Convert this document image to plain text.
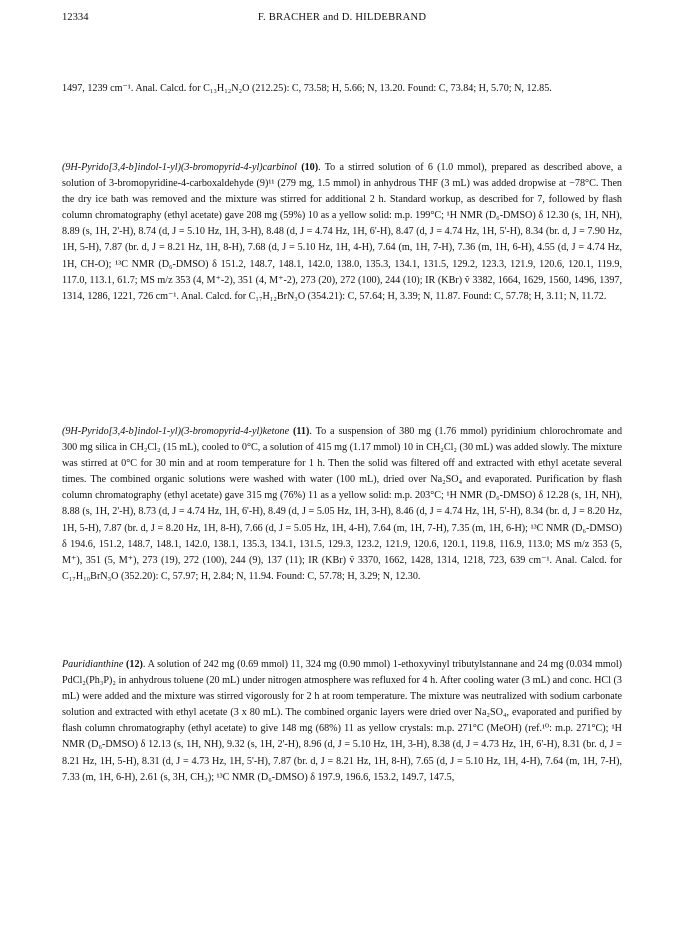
12334	F. BRACHER and D. HILDEBRAND
1497, 1239 cm⁻¹. Anal. Calcd. for C₁₃H₁₂N₂O (212.25): C, 73.58; H, 5.66; N, 13.20. Found: C, 73.84; H, 5.70; N, 12.85.
(9H-Pyrido[3,4-b]indol-1-yl)(3-bromopyrid-4-yl)carbinol (10). To a stirred solution of 6 (1.0 mmol), prepared as described above, a solution of 3-bromopyridine-4-carboxaldehyde (9)¹¹ (279 mg, 1.5 mmol) in anhydrous THF (3 mL) was added dropwise at −78°C. Then the dry ice bath was removed and the mixture was stirred for additional 2 h. Standard workup, as described for 7, followed by flash column chromatography (ethyl acetate) gave 208 mg (59%) 10 as a yellow solid: m.p. 199°C; ¹H NMR (D₆-DMSO) δ 12.30 (s, 1H, NH), 8.89 (s, 1H, 2'-H), 8.74 (d, J = 5.10 Hz, 1H, 3-H), 8.48 (d, J = 4.74 Hz, 1H, 6'-H), 8.47 (d, J = 4.74 Hz, 1H, 5'-H), 8.34 (br. d, J = 7.90 Hz, 1H, 5-H), 7.87 (br. d, J = 8.21 Hz, 1H, 8-H), 7.68 (d, J = 5.10 Hz, 1H, 4-H), 7.64 (m, 1H, 7-H), 7.36 (m, 1H, 6-H), 4.55 (d, J = 4.74 Hz, 1H, CH-O); ¹³C NMR (D₆-DMSO) δ 151.2, 148.7, 148.1, 142.0, 138.0, 135.3, 134.1, 131.5, 129.2, 123.3, 121.9, 120.6, 120.1, 119.9, 117.0, 113.1, 61.7; MS m/z 353 (4, M⁺-2), 351 (4, M⁺-2), 273 (20), 272 (100), 244 (10); IR (KBr) ṽ 3382, 1664, 1629, 1560, 1496, 1397, 1314, 1286, 1221, 726 cm⁻¹. Anal. Calcd. for C₁₇H₁₂BrN₃O (354.21): C, 57.64; H, 3.39; N, 11.87. Found: C, 57.78; H, 3.11; N, 11.72.
(9H-Pyrido[3,4-b]indol-1-yl)(3-bromopyrid-4-yl)ketone (11). To a suspension of 380 mg (1.76 mmol) pyridinium chlorochromate and 300 mg silica in CH₂Cl₂ (15 mL), cooled to 0°C, a solution of 415 mg (1.17 mmol) 10 in CH₂Cl₂ (30 mL) was added slowly. The mixture was stirred at 0°C for 30 min and at room temperature for 1 h. Then the solid was filtered off and extracted with ethyl acetate several times. The combined organic solutions were washed with water (100 mL), dried over Na₂SO₄ and evaporated. Purification by flash column chromatography (ethyl acetate) gave 315 mg (76%) 11 as a yellow solid: m.p. 203°C; ¹H NMR (D₆-DMSO) δ 12.28 (s, 1H, NH), 8.88 (s, 1H, 2'-H), 8.73 (d, J = 4.74 Hz, 1H, 6'-H), 8.49 (d, J = 5.05 Hz, 1H, 3-H), 8.46 (d, J = 4.74 Hz, 1H, 5'-H), 8.34 (br. d, J = 8.20 Hz, 1H, 5-H), 7.87 (br. d, J = 8.20 Hz, 1H, 8-H), 7.66 (d, J = 5.05 Hz, 1H, 4-H), 7.64 (m, 1H, 7-H), 7.35 (m, 1H, 6-H); ¹³C NMR (D₆-DMSO) δ 194.6, 151.2, 148.7, 148.1, 142.0, 138.1, 135.3, 134.1, 131.5, 129.3, 123.2, 121.9, 120.6, 120.1, 119.8, 116.9, 113.0; MS m/z 353 (5, M⁺), 351 (5, M⁺), 273 (19), 272 (100), 244 (9), 137 (11); IR (KBr) ṽ 3370, 1662, 1428, 1314, 1218, 723, 639 cm⁻¹. Anal. Calcd. for C₁₇H₁₀BrN₃O (352.20): C, 57.97; H, 2.84; N, 11.94. Found: C, 57.78; H, 3.29; N, 12.30.
Pauridianthine (12). A solution of 242 mg (0.69 mmol) 11, 324 mg (0.90 mmol) 1-ethoxyvinyl tributylstannane and 24 mg (0.034 mmol) PdCl₂(Ph₃P)₂ in anhydrous toluene (20 mL) under nitrogen atmosphere was refluxed for 4 h. After cooling water (3 mL) and conc. HCl (3 mL) were added and the mixture was stirred vigorously for 2 h at room temperature. The mixture was neutralized with sodium carbonate solution and extracted with ethyl acetate (3 x 80 mL). The combined organic layers were dried over Na₂SO₄, evaporated and purified by flash column chromatography (ethyl acetate) to give 148 mg (68%) 11 as yellow crystals: m.p. 271°C (MeOH) (ref.¹⁰: m.p. 271°C); ¹H NMR (D₆-DMSO) δ 12.13 (s, 1H, NH), 9.32 (s, 1H, 2'-H), 8.96 (d, J = 5.10 Hz, 1H, 3-H), 8.38 (d, J = 4.73 Hz, 1H, 6'-H), 8.31 (br. d, J = 8.21 Hz, 1H, 5-H), 8.31 (d, J = 4.73 Hz, 1H, 5'-H), 7.87 (br. d, J = 8.21 Hz, 1H, 8-H), 7.65 (d, J = 5.10 Hz, 1H, 4-H), 7.64 (m, 1H, 7-H), 7.33 (m, 1H, 6-H), 2.61 (s, 3H, CH₃); ¹³C NMR (D₆-DMSO) δ 197.9, 196.6, 153.2, 149.7, 147.5,
